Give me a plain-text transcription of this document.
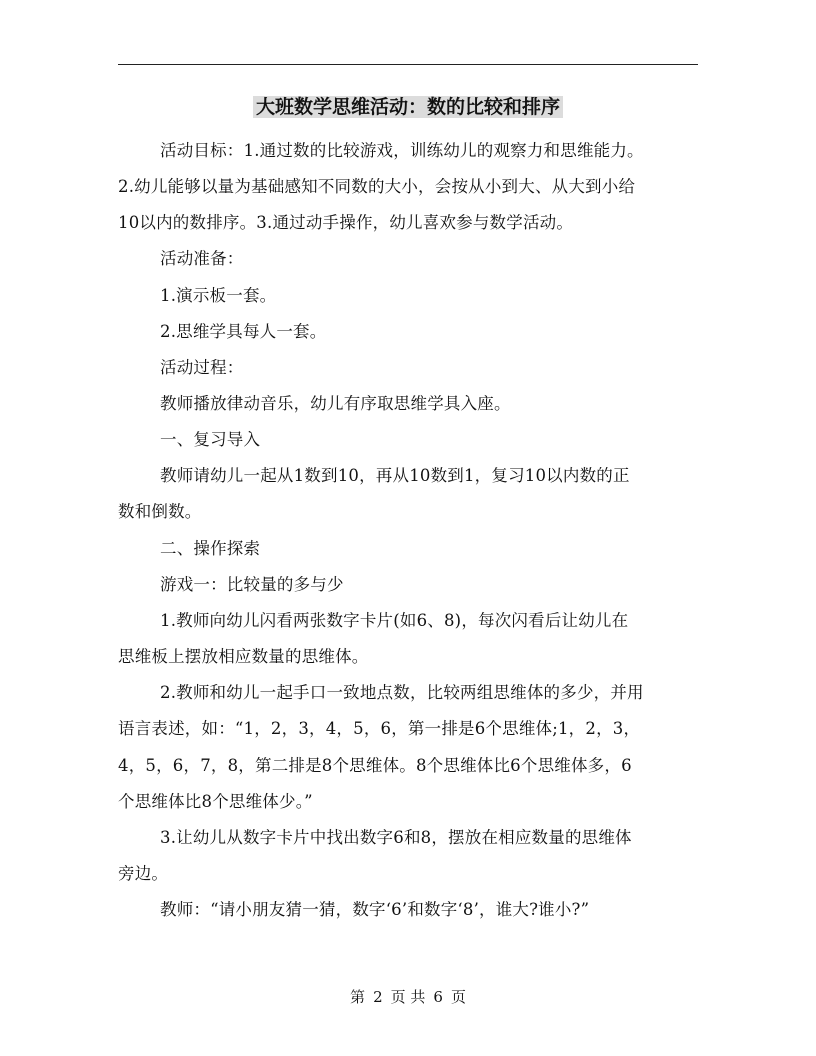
大班数学思维活动：数的比较和排序
活动目标：1.通过数的比较游戏，训练幼儿的观察力和思维能力。
2.幼儿能够以量为基础感知不同数的大小，会按从小到大、从大到小给
10以内的数排序。3.通过动手操作，幼儿喜欢参与数学活动。
活动准备：
1.演示板一套。
2.思维学具每人一套。
活动过程：
教师播放律动音乐，幼儿有序取思维学具入座。
一、复习导入
教师请幼儿一起从1数到10，再从10数到1，复习10以内数的正
数和倒数。
二、操作探索
游戏一：比较量的多与少
1.教师向幼儿闪看两张数字卡片(如6、8)，每次闪看后让幼儿在
思维板上摆放相应数量的思维体。
2.教师和幼儿一起手口一致地点数，比较两组思维体的多少，并用
语言表述，如：“1，2，3，4，5，6，第一排是6个思维体;1，2，3，
4，5，6，7，8，第二排是8个思维体。8个思维体比6个思维体多，6
个思维体比8个思维体少。”
3.让幼儿从数字卡片中找出数字6和8，摆放在相应数量的思维体
旁边。
教师：“请小朋友猜一猜，数字‘6’和数字‘8’，谁大?谁小?”
第 2 页 共 6 页
